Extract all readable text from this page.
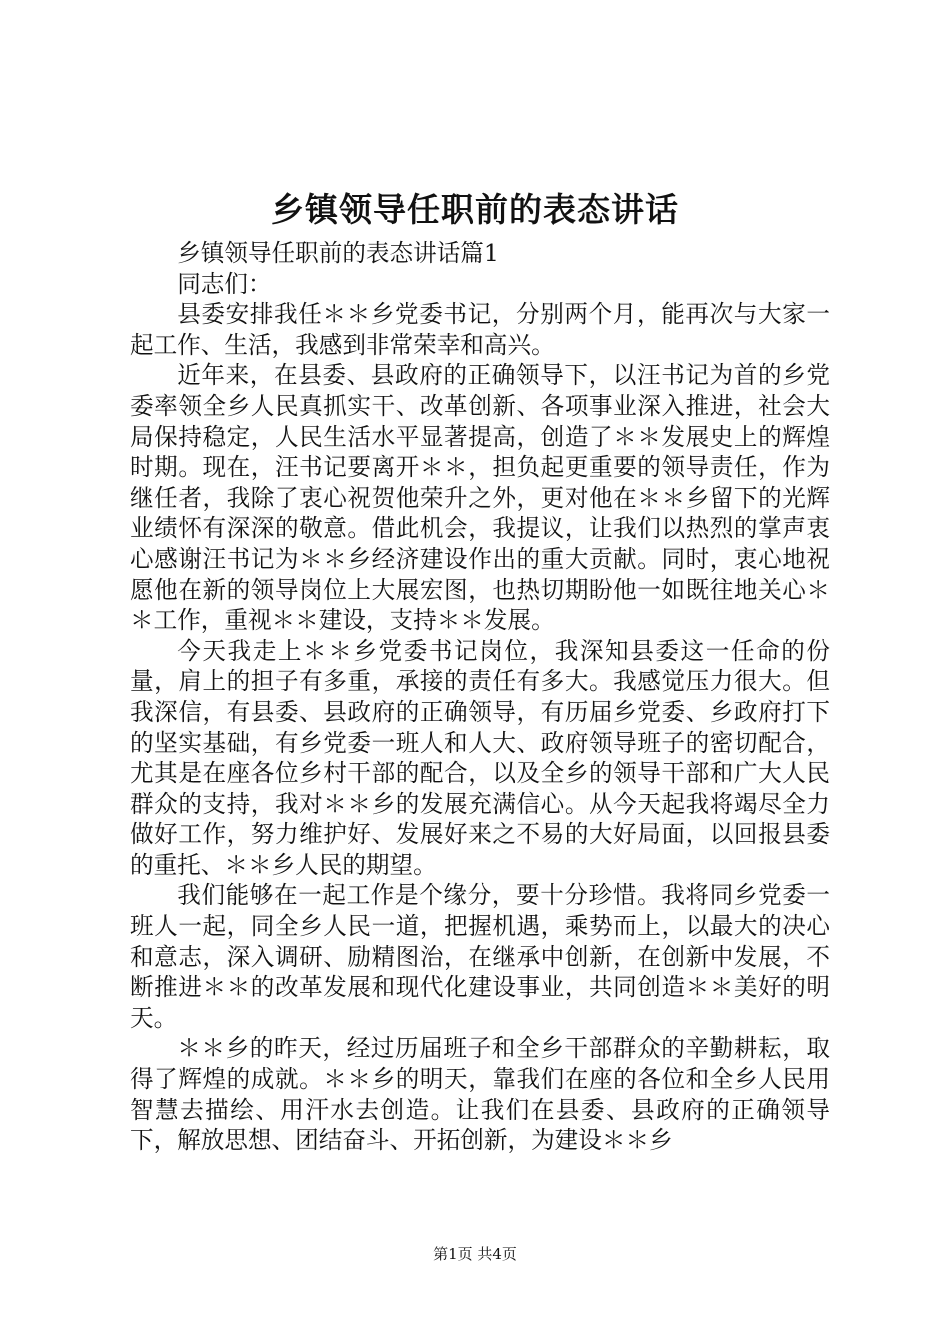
乡镇领导任职前的表态讲话

乡镇领导任职前的表态讲话篇1

同志们：

县委安排我任＊＊乡党委书记，分别两个月，能再次与大家一起工作、生活，我感到非常荣幸和高兴。

近年来，在县委、县政府的正确领导下，以汪书记为首的乡党委率领全乡人民真抓实干、改革创新、各项事业深入推进，社会大局保持稳定，人民生活水平显著提高，创造了＊＊发展史上的辉煌时期。现在，汪书记要离开＊＊，担负起更重要的领导责任，作为继任者，我除了衷心祝贺他荣升之外，更对他在＊＊乡留下的光辉业绩怀有深深的敬意。借此机会，我提议，让我们以热烈的掌声衷心感谢汪书记为＊＊乡经济建设作出的重大贡献。同时，衷心地祝愿他在新的领导岗位上大展宏图，也热切期盼他一如既往地关心＊＊工作，重视＊＊建设，支持＊＊发展。

今天我走上＊＊乡党委书记岗位，我深知县委这一任命的份量，肩上的担子有多重，承接的责任有多大。我感觉压力很大。但我深信，有县委、县政府的正确领导，有历届乡党委、乡政府打下的坚实基础，有乡党委一班人和人大、政府领导班子的密切配合，尤其是在座各位乡村干部的配合，以及全乡的领导干部和广大人民群众的支持，我对＊＊乡的发展充满信心。从今天起我将竭尽全力做好工作，努力维护好、发展好来之不易的大好局面，以回报县委的重托、＊＊乡人民的期望。

我们能够在一起工作是个缘分，要十分珍惜。我将同乡党委一班人一起，同全乡人民一道，把握机遇，乘势而上，以最大的决心和意志，深入调研、励精图治，在继承中创新，在创新中发展，不断推进＊＊的改革发展和现代化建设事业，共同创造＊＊美好的明天。

＊＊乡的昨天，经过历届班子和全乡干部群众的辛勤耕耘，取得了辉煌的成就。＊＊乡的明天，靠我们在座的各位和全乡人民用智慧去描绘、用汗水去创造。让我们在县委、县政府的正确领导下，解放思想、团结奋斗、开拓创新，为建设＊＊乡

第1页 共4页
